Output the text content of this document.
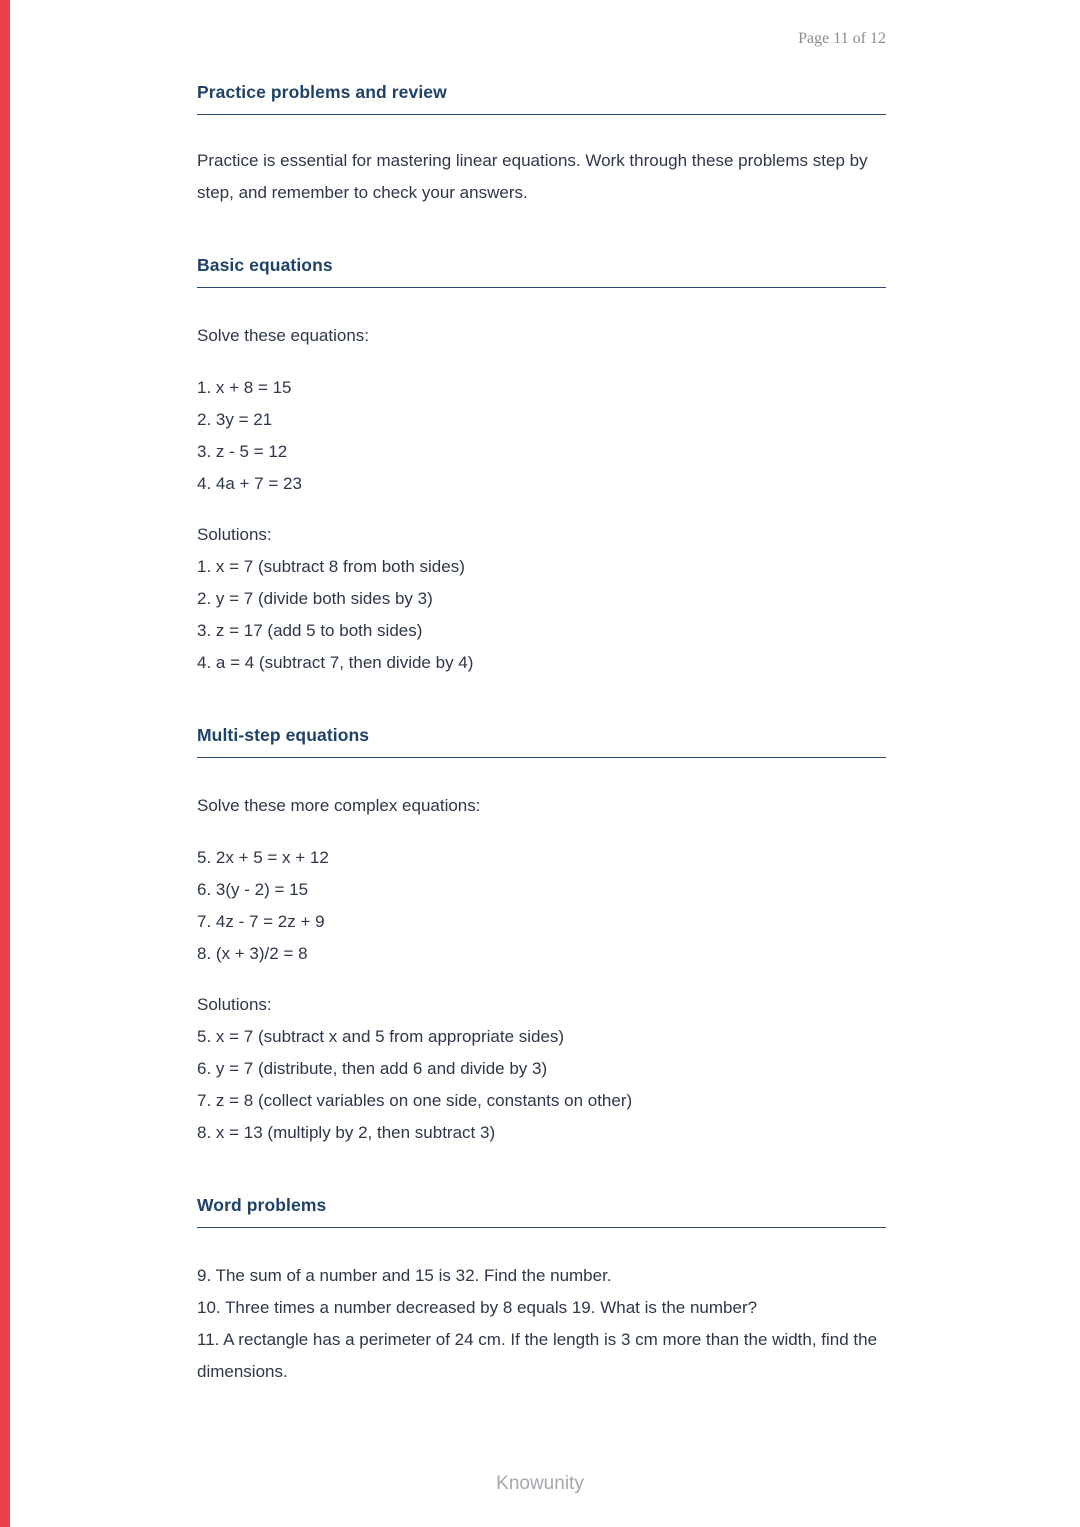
Page 11 of 12
Practice problems and review
Practice is essential for mastering linear equations. Work through these problems step by step, and remember to check your answers.
Basic equations
Solve these equations:
1. x + 8 = 15
2. 3y = 21
3. z - 5 = 12
4. 4a + 7 = 23
Solutions:
1. x = 7 (subtract 8 from both sides)
2. y = 7 (divide both sides by 3)
3. z = 17 (add 5 to both sides)
4. a = 4 (subtract 7, then divide by 4)
Multi-step equations
Solve these more complex equations:
5. 2x + 5 = x + 12
6. 3(y - 2) = 15
7. 4z - 7 = 2z + 9
8. (x + 3)/2 = 8
Solutions:
5. x = 7 (subtract x and 5 from appropriate sides)
6. y = 7 (distribute, then add 6 and divide by 3)
7. z = 8 (collect variables on one side, constants on other)
8. x = 13 (multiply by 2, then subtract 3)
Word problems
9. The sum of a number and 15 is 32. Find the number.
10. Three times a number decreased by 8 equals 19. What is the number?
11. A rectangle has a perimeter of 24 cm. If the length is 3 cm more than the width, find the dimensions.
Knowunity
